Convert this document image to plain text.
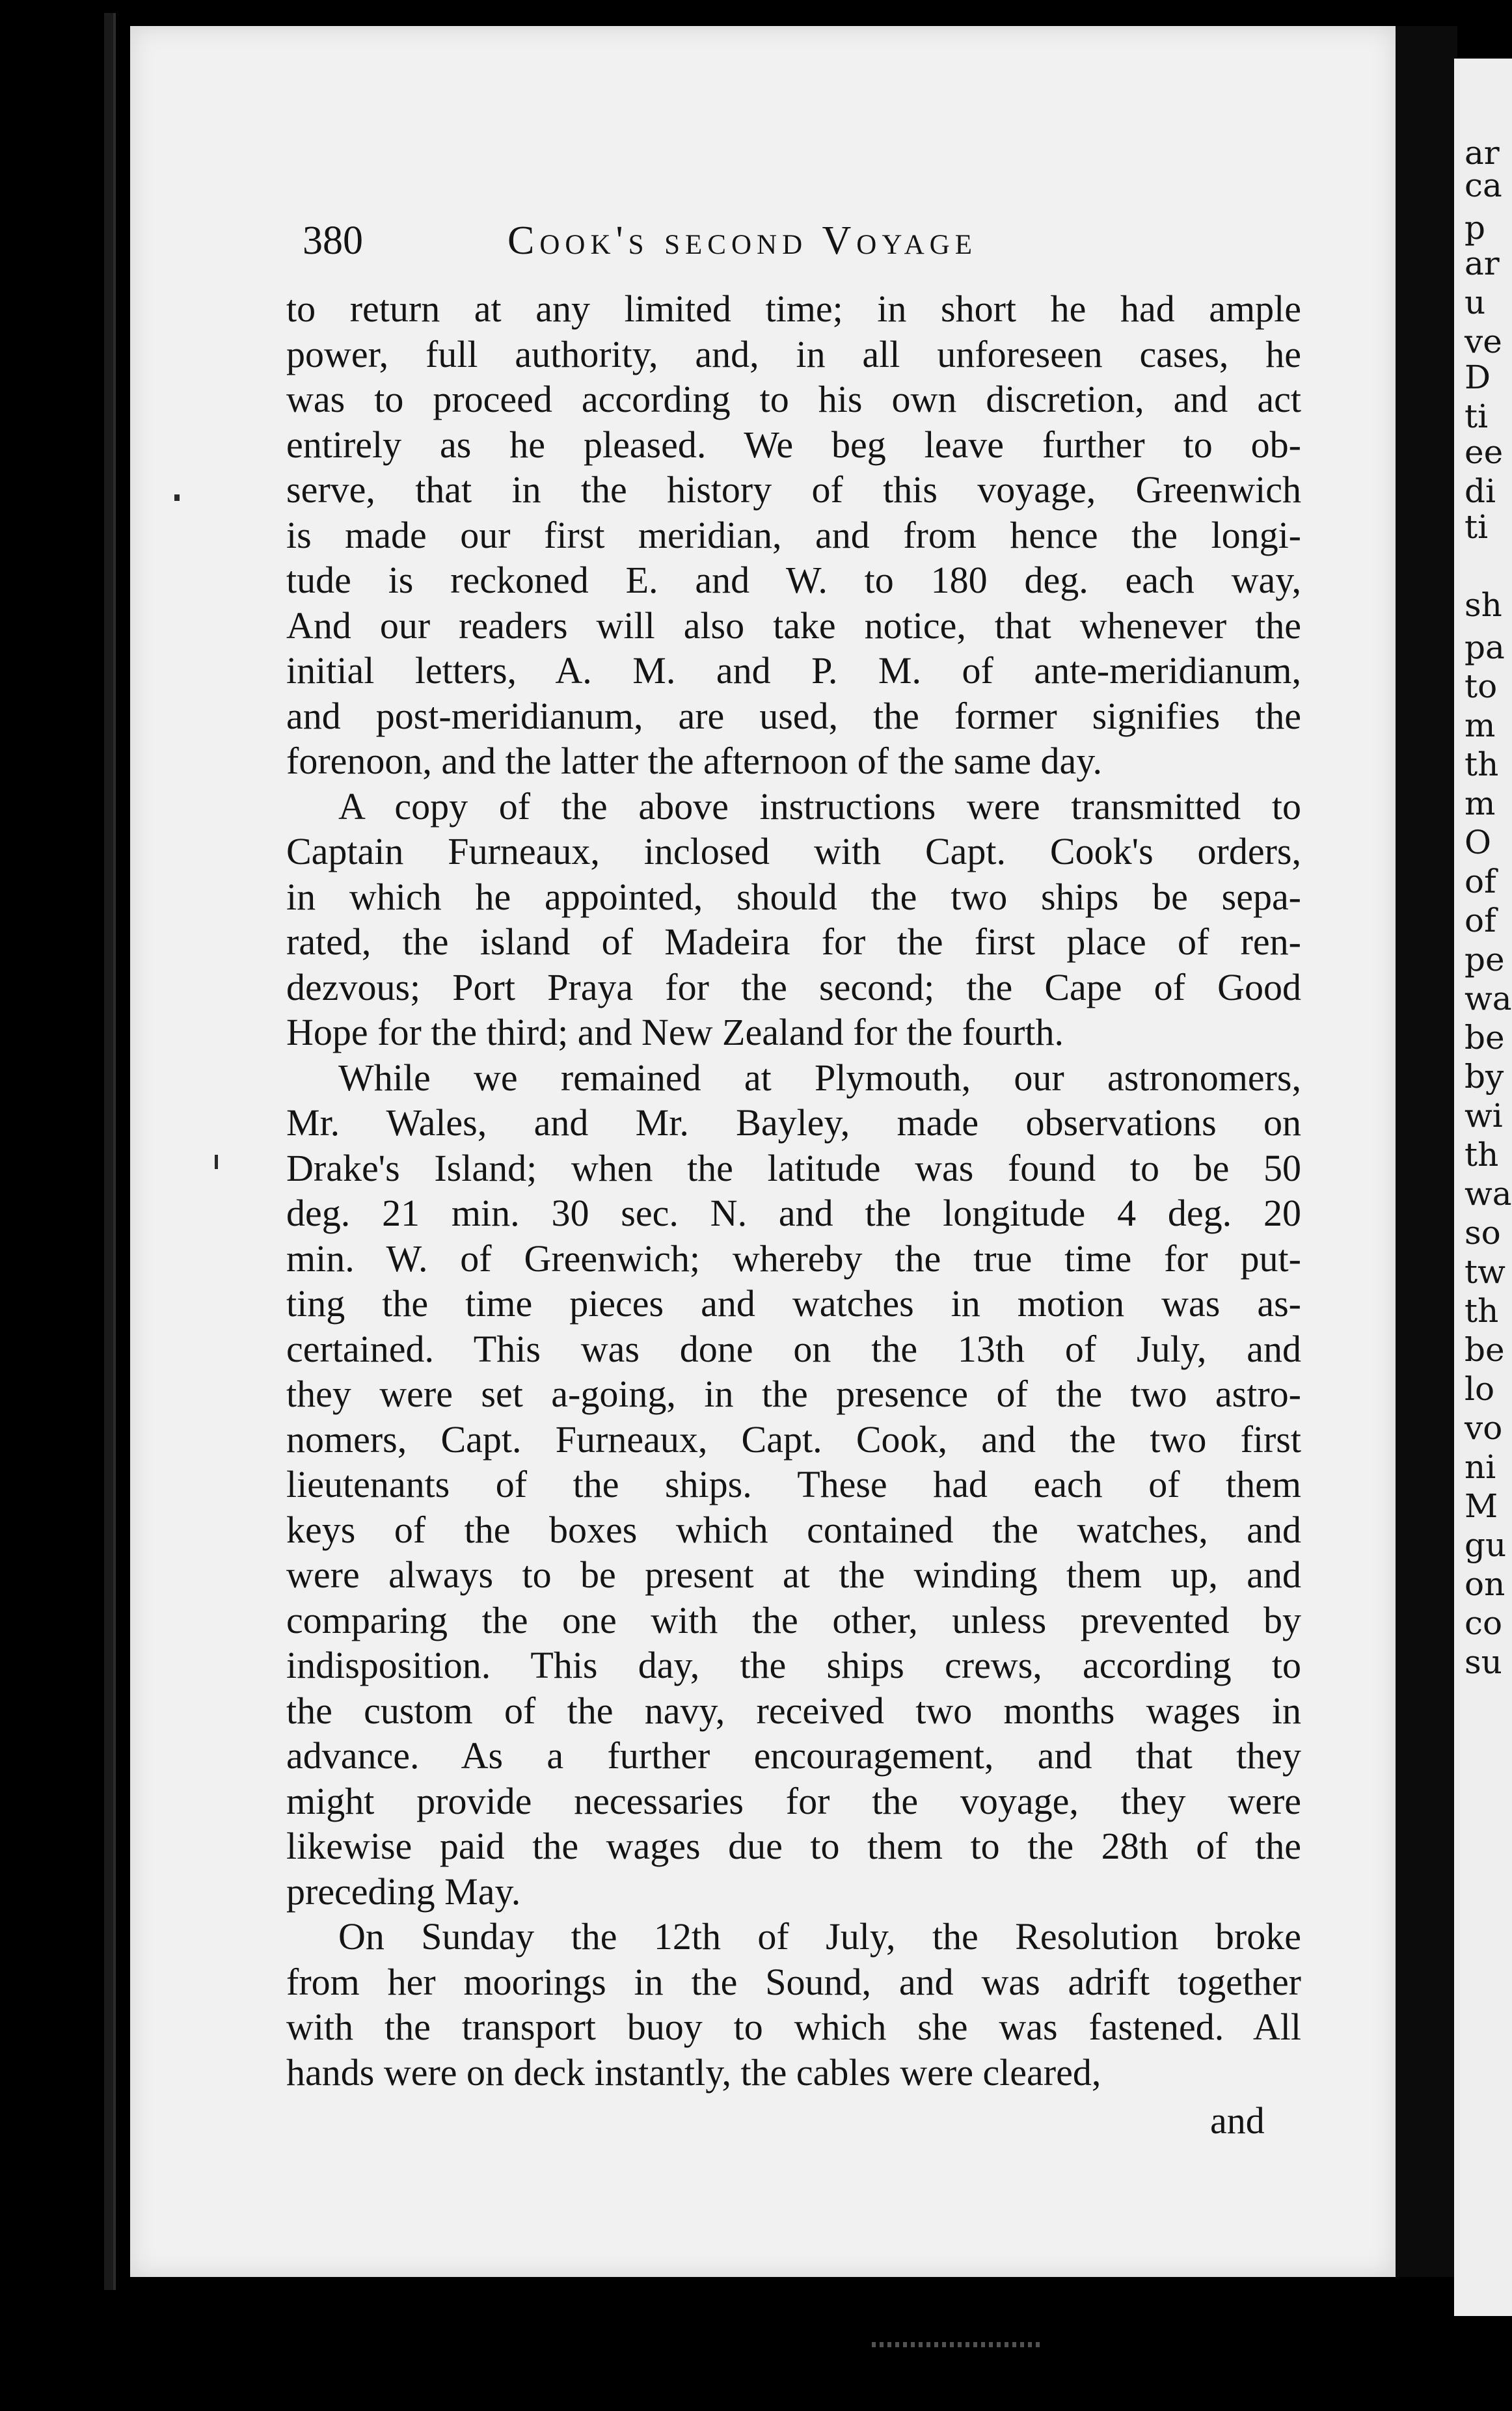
ar
ca
p
ar
u
ve
D
ti
ee
di
ti
sh
pa
to
m
th
m
O
of
of
pe
wa
be
by
wi
th
wa
so
tw
th
be
lo
vo
ni
M
gu
on
co
su
380	Cook's second Voyage
to return at any limited time; in short he had ample
power, full authority, and, in all unforeseen cases, he
was to proceed according to his own discretion, and act
entirely as he pleased. We beg leave further to ob-
serve, that in the history of this voyage, Greenwich
is made our first meridian, and from hence the longi-
tude is reckoned E. and W. to 180 deg. each way,
And our readers will also take notice, that whenever the
initial letters, A. M. and P. M. of ante-meridianum,
and post-meridianum, are used, the former signifies the
forenoon, and the latter the afternoon of the same day.
A copy of the above instructions were transmitted to
Captain Furneaux, inclosed with Capt. Cook's orders,
in which he appointed, should the two ships be sepa-
rated, the island of Madeira for the first place of ren-
dezvous; Port Praya for the second; the Cape of Good
Hope for the third; and New Zealand for the fourth.
While we remained at Plymouth, our astronomers,
Mr. Wales, and Mr. Bayley, made observations on
Drake's Island; when the latitude was found to be 50
deg. 21 min. 30 sec. N. and the longitude 4 deg. 20
min. W. of Greenwich; whereby the true time for put-
ting the time pieces and watches in motion was as-
certained. This was done on the 13th of July, and
they were set a-going, in the presence of the two astro-
nomers, Capt. Furneaux, Capt. Cook, and the two first
lieutenants of the ships. These had each of them
keys of the boxes which contained the watches, and
were always to be present at the winding them up, and
comparing the one with the other, unless prevented by
indisposition. This day, the ships crews, according to
the custom of the navy, received two months wages in
advance. As a further encouragement, and that they
might provide necessaries for the voyage, they were
likewise paid the wages due to them to the 28th of the
preceding May.
On Sunday the 12th of July, the Resolution broke
from her moorings in the Sound, and was adrift together
with the transport buoy to which she was fastened. All
hands were on deck instantly, the cables were cleared,
and
